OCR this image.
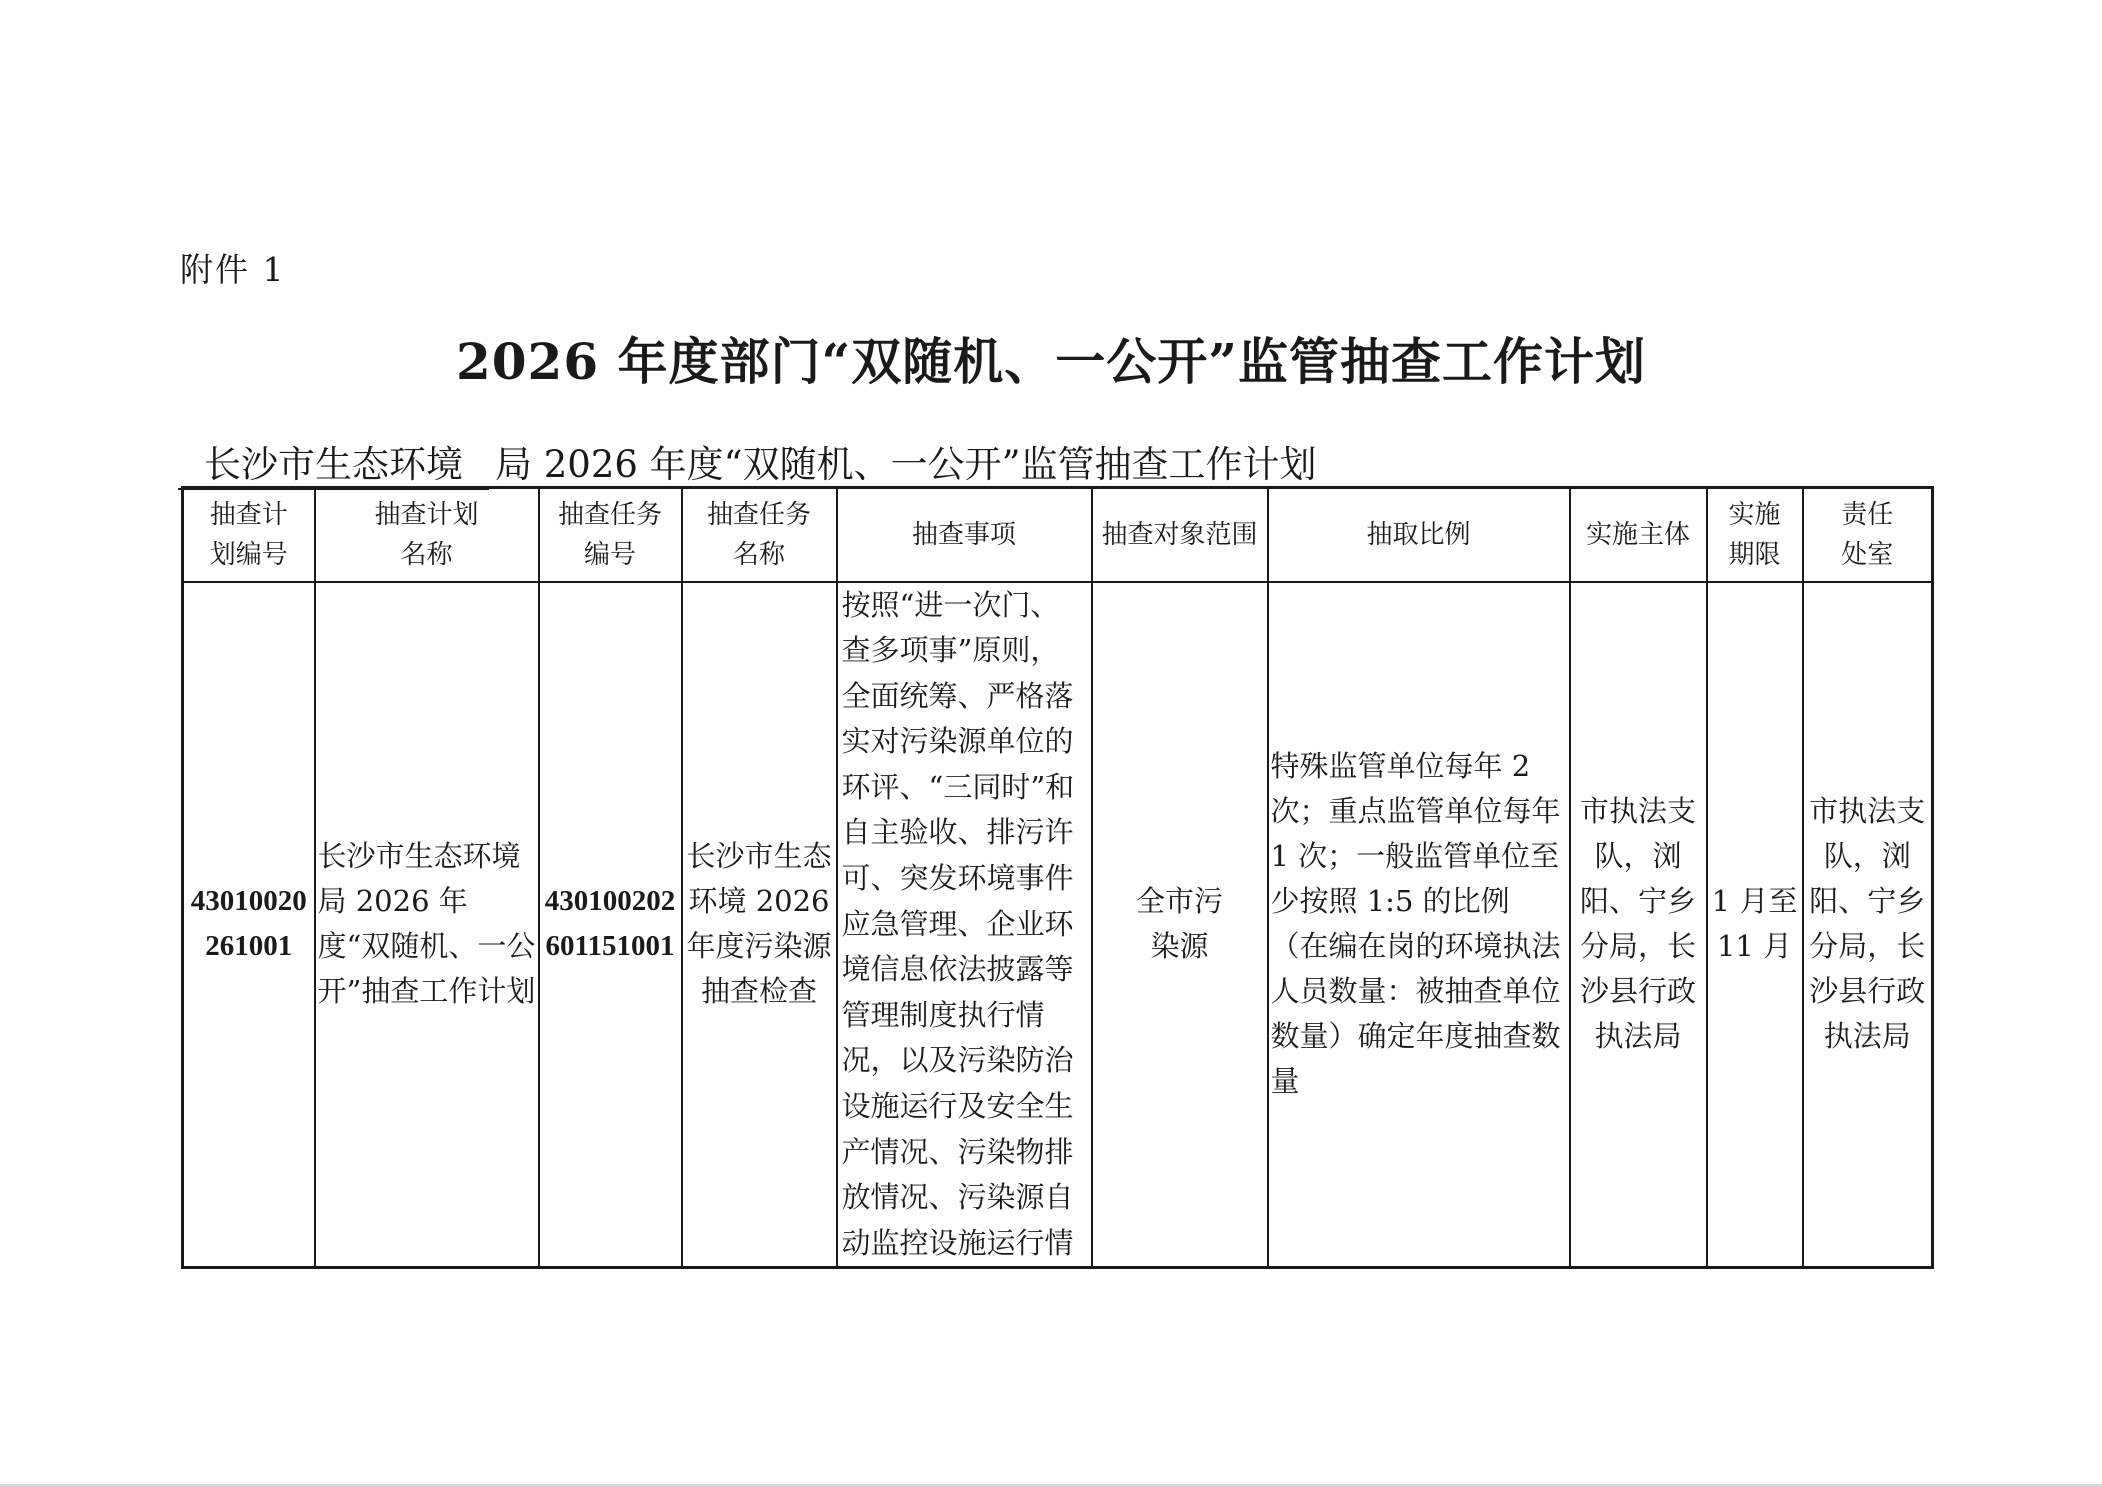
附件 1
2026 年度部门“双随机、一公开”监管抽查工作计划
长沙市生态环境 局 2026 年度“双随机、一公开”监管抽查工作计划
抽查计划编号	抽查计划名称	抽查任务编号	抽查任务名称	抽查事项	抽查对象范围	抽取比例	实施主体	实施期限	责任处室
43010020261001	长沙市生态环境局 2026 年度“双随机、一公开”抽查工作计划	430100202601151001	长沙市生态环境 2026 年度污染源抽查检查	按照“进一次门、查多项事”原则，全面统筹、严格落实对污染源单位的环评、“三同时”和自主验收、排污许可、突发环境事件应急管理、企业环境信息依法披露等管理制度执行情况，以及污染防治设施运行及安全生产情况、污染物排放情况、污染源自动监控设施运行情	全市污染源	特殊监管单位每年 2 次；重点监管单位每年 1 次；一般监管单位至少按照 1:5 的比例（在编在岗的环境执法人员数量：被抽查单位数量）确定年度抽查数量	市执法支队，浏阳、宁乡分局，长沙县行政执法局	1 月至 11 月	市执法支队，浏阳、宁乡分局，长沙县行政执法局
